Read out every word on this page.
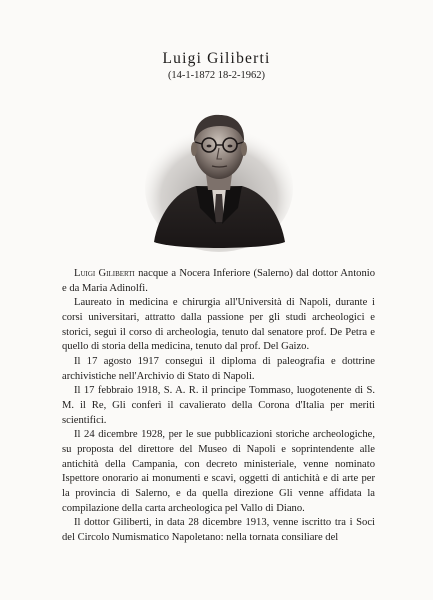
Luigi Giliberti
(14-1-1872 18-2-1962)

Luigi Giliberti nacque a Nocera Inferiore (Salerno) dal dottor Antonio e da Maria Adinolfi.

Laureato in medicina e chirurgia all'Università di Napoli, durante i corsi universitari, attratto dalla passione per gli studi archeologici e storici, seguì il corso di archeologia, tenuto dal senatore prof. De Petra e quello di storia della medicina, tenuto dal prof. Del Gaizo.

Il 17 agosto 1917 conseguì il diploma di paleografia e dottrine archivistiche nell'Archivio di Stato di Napoli.

Il 17 febbraio 1918, S. A. R. il principe Tommaso, luogotenente di S. M. il Re, Gli conferì il cavalierato della Corona d'Italia per meriti scientifici.

Il 24 dicembre 1928, per le sue pubblicazioni storiche archeologiche, su proposta del direttore del Museo di Napoli e soprintendente alle antichità della Campania, con decreto ministeriale, venne nominato Ispettore onorario ai monumenti e scavi, oggetti di antichità e di arte per la provincia di Salerno, e da quella direzione Gli venne affidata la compilazione della carta archeologica pel Vallo di Diano.

Il dottor Giliberti, in data 28 dicembre 1913, venne iscritto tra i Soci del Circolo Numismatico Napoletano: nella tornata consiliare del
